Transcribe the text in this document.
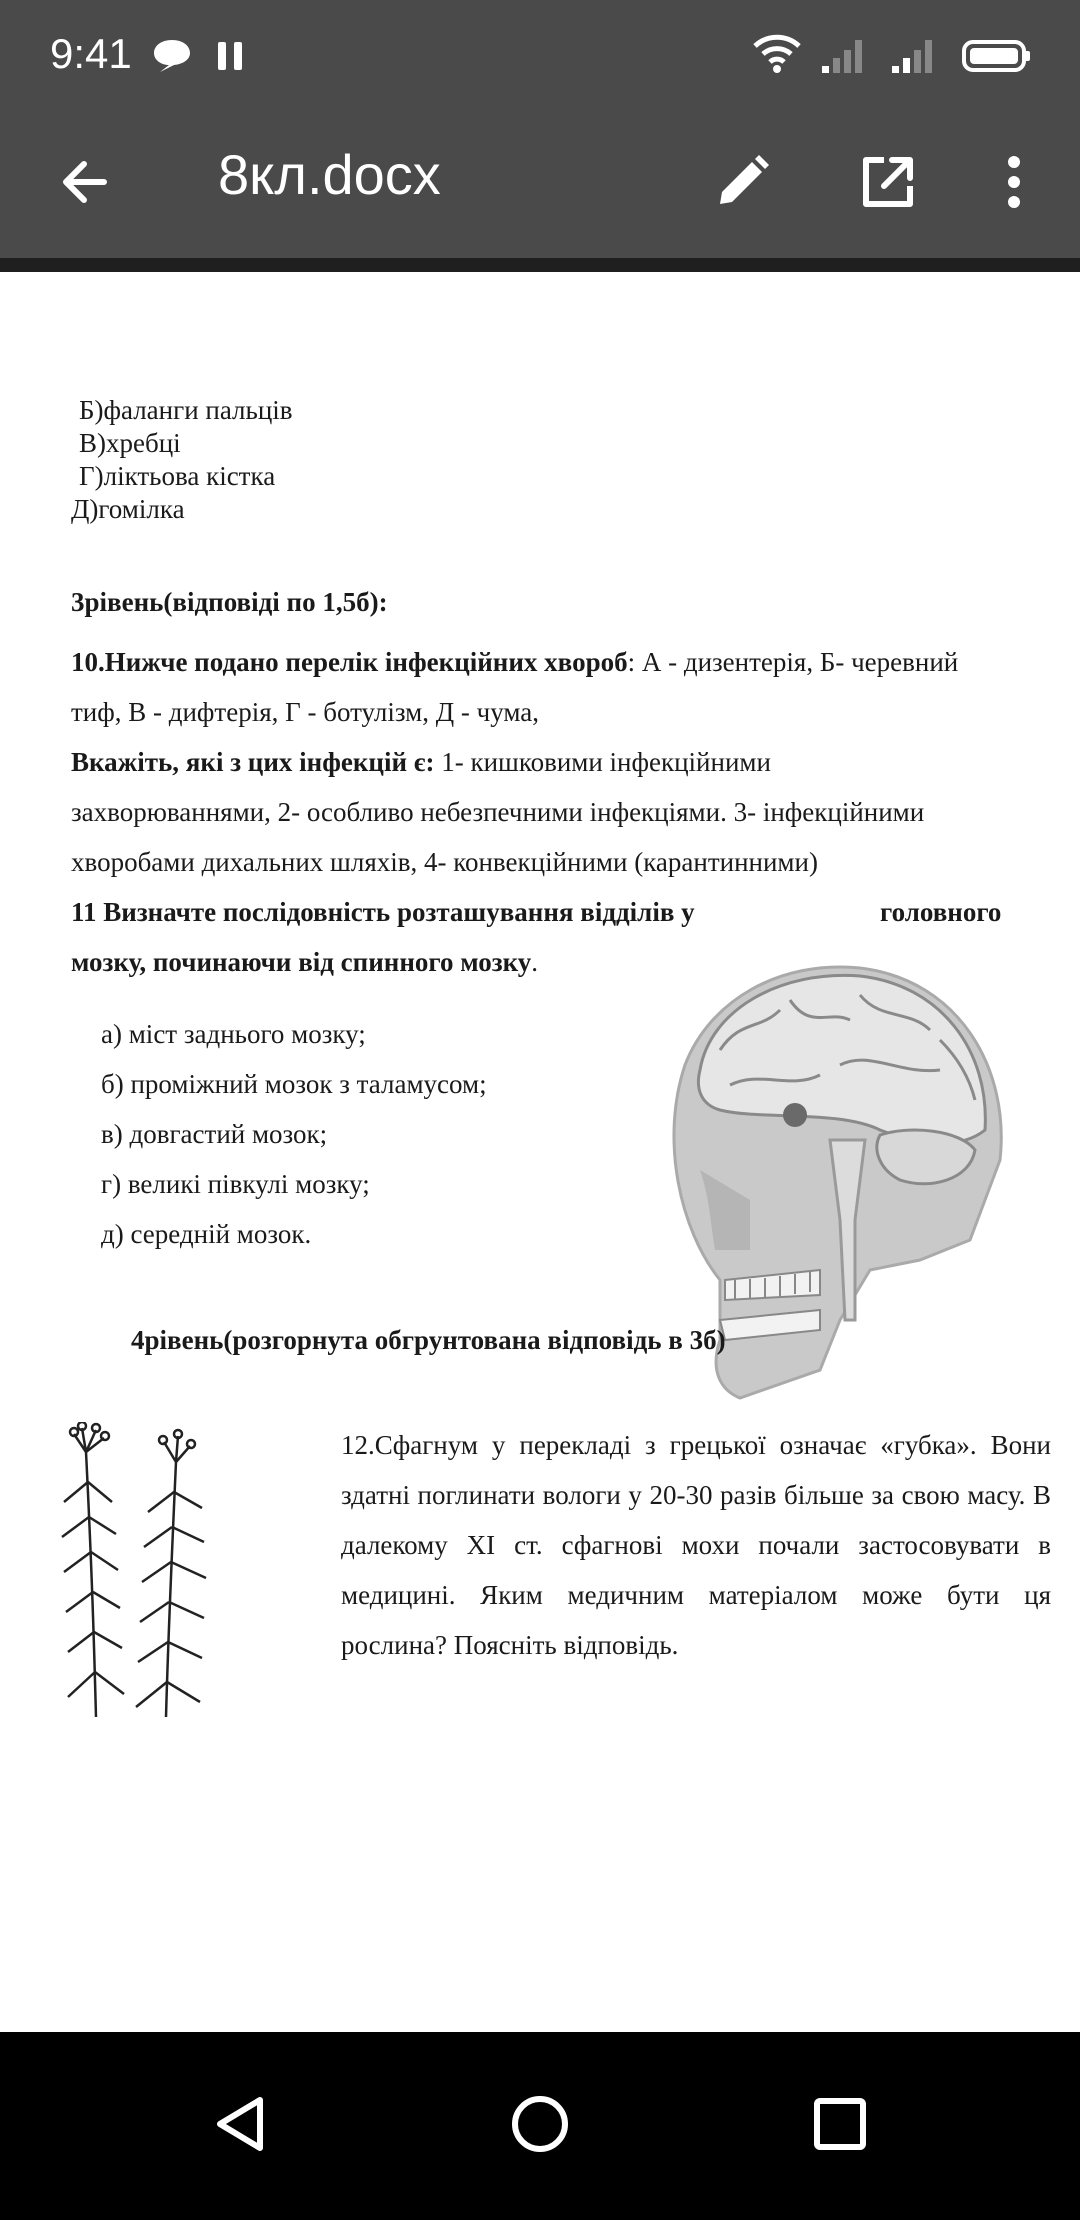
9:41
8кл.docx
Б)фаланги пальців
В)хребці
Г)ліктьова кістка
Д)гомілка
3рівень(відповіді по 1,5б):
10.Нижче подано перелік інфекційних хвороб: А - дизентерія, Б- черевний
тиф, В - дифтерія, Г - ботулізм, Д - чума,
Вкажіть, які з цих інфекцій є: 1- кишковими інфекційними
захворюваннями, 2- особливо небезпечними інфекціями. 3- інфекційними
хворобами дихальних шляхів, 4- конвекційними (карантинними)
11 Визначте послідовність розташування відділів у	головного
мозку, починаючи від спинного мозку.
а) міст заднього мозку;
б) проміжний мозок з таламусом;
в) довгастий мозок;
г) великі півкулі мозку;
д) середній мозок.
4рівень(розгорнута обгрунтована відповідь в 3б)
12.Сфагнум у перекладі з грецької означає «губка». Вони здатні поглинати вологи у 20-30 разів більше за свою масу. В далекому XI ст. сфагнові мохи почали застосовувати в медицині. Яким медичним матеріалом може бути ця рослина? Поясніть відповідь.
